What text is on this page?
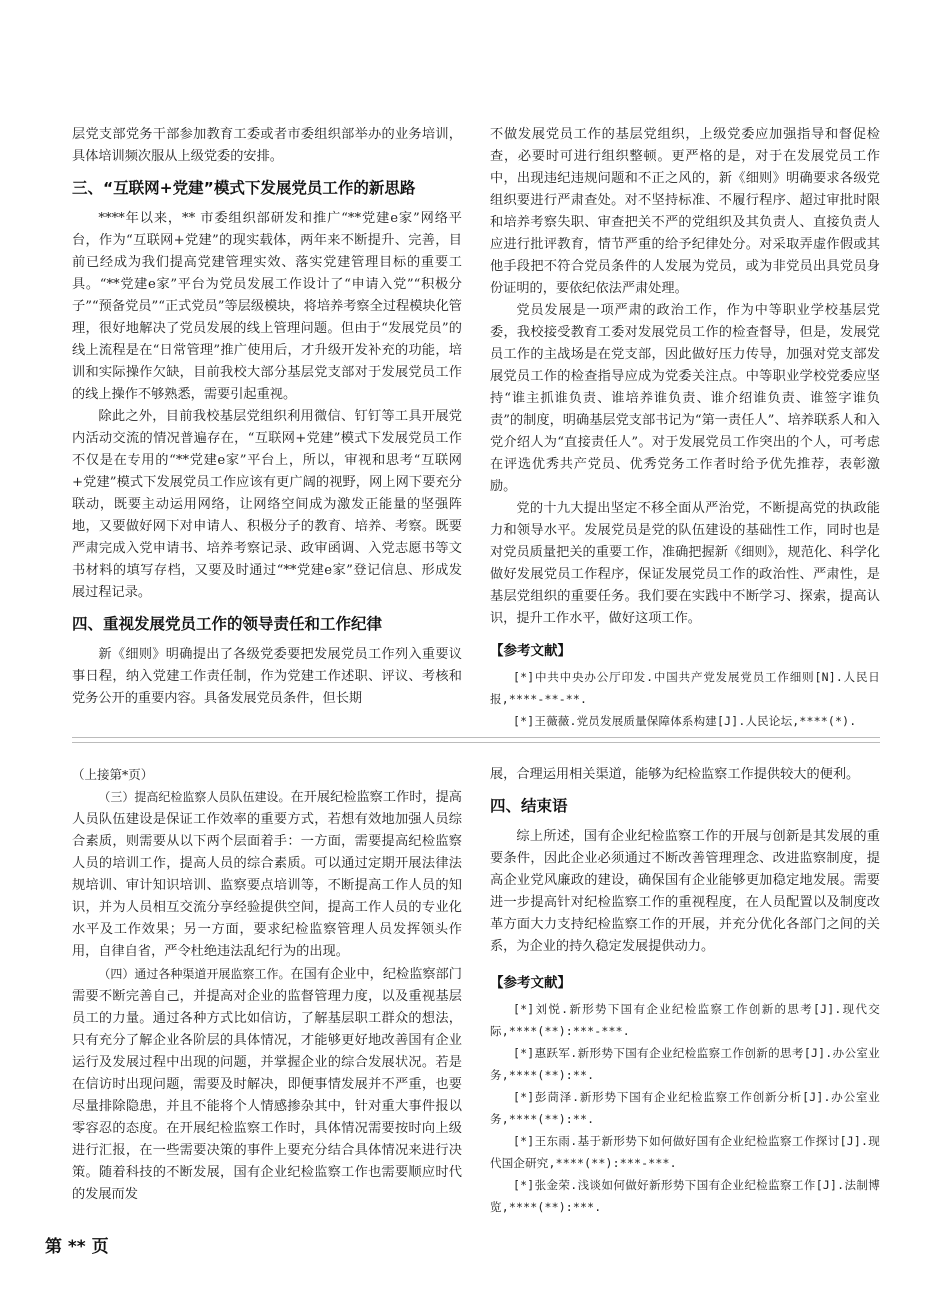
层党支部党务干部参加教育工委或者市委组织部举办的业务培训，具体培训频次服从上级党委的安排。

三、“互联网+党建”模式下发展党员工作的新思路

****年以来，** 市委组织部研发和推广“**党建e家”网络平台，作为“互联网+党建”的现实载体，两年来不断提升、完善，目前已经成为我们提高党建管理实效、落实党建管理目标的重要工具。“**党建e家”平台为党员发展工作设计了“申请入党”“积极分子”“预备党员”“正式党员”等层级模块，将培养考察全过程模块化管理，很好地解决了党员发展的线上管理问题。但由于“发展党员”的线上流程是在“日常管理”推广使用后，才升级开发补充的功能，培训和实际操作欠缺，目前我校大部分基层党支部对于发展党员工作的线上操作不够熟悉，需要引起重视。

除此之外，目前我校基层党组织利用微信、钉钉等工具开展党内活动交流的情况普遍存在，“互联网+党建”模式下发展党员工作不仅是在专用的“**党建e家”平台上，所以，审视和思考“互联网+党建”模式下发展党员工作应该有更广阔的视野，网上网下要充分联动，既要主动运用网络，让网络空间成为激发正能量的坚强阵地，又要做好网下对申请人、积极分子的教育、培养、考察。既要严肃完成入党申请书、培养考察记录、政审函调、入党志愿书等文书材料的填写存档，又要及时通过“**党建e家”登记信息、形成发展过程记录。

四、重视发展党员工作的领导责任和工作纪律

新《细则》明确提出了各级党委要把发展党员工作列入重要议事日程，纳入党建工作责任制，作为党建工作述职、评议、考核和党务公开的重要内容。具备发展党员条件，但长期

不做发展党员工作的基层党组织，上级党委应加强指导和督促检查，必要时可进行组织整顿。更严格的是，对于在发展党员工作中，出现违纪违规问题和不正之风的，新《细则》明确要求各级党组织要进行严肃查处。对不坚持标准、不履行程序、超过审批时限和培养考察失职、审查把关不严的党组织及其负责人、直接负责人应进行批评教育，情节严重的给予纪律处分。对采取弄虚作假或其他手段把不符合党员条件的人发展为党员，或为非党员出具党员身份证明的，要依纪依法严肃处理。

党员发展是一项严肃的政治工作，作为中等职业学校基层党委，我校接受教育工委对发展党员工作的检查督导，但是，发展党员工作的主战场是在党支部，因此做好压力传导，加强对党支部发展党员工作的检查指导应成为党委关注点。中等职业学校党委应坚持“谁主抓谁负责、谁培养谁负责、谁介绍谁负责、谁签字谁负责”的制度，明确基层党支部书记为“第一责任人”、培养联系人和入党介绍人为“直接责任人”。对于发展党员工作突出的个人，可考虑在评选优秀共产党员、优秀党务工作者时给予优先推荐，表彰激励。

党的十九大提出坚定不移全面从严治党，不断提高党的执政能力和领导水平。发展党员是党的队伍建设的基础性工作，同时也是对党员质量把关的重要工作，准确把握新《细则》，规范化、科学化做好发展党员工作程序，保证发展党员工作的政治性、严肃性，是基层党组织的重要任务。我们要在实践中不断学习、探索，提高认识，提升工作水平，做好这项工作。

【参考文献】

[*]中共中央办公厅印发.中国共产党发展党员工作细则[N].人民日报,****-**-**.

[*]王薇薇.党员发展质量保障体系构建[J].人民论坛,****(*).

（上接第*页）

（三）提高纪检监察人员队伍建设。在开展纪检监察工作时，提高人员队伍建设是保证工作效率的重要方式，若想有效地加强人员综合素质，则需要从以下两个层面着手：一方面，需要提高纪检监察人员的培训工作，提高人员的综合素质。可以通过定期开展法律法规培训、审计知识培训、监察要点培训等，不断提高工作人员的知识，并为人员相互交流分享经验提供空间，提高工作人员的专业化水平及工作效果；另一方面，要求纪检监察管理人员发挥领头作用，自律自省，严令杜绝违法乱纪行为的出现。

（四）通过各种渠道开展监察工作。在国有企业中，纪检监察部门需要不断完善自己，并提高对企业的监督管理力度，以及重视基层员工的力量。通过各种方式比如信访，了解基层职工群众的想法，只有充分了解企业各阶层的具体情况，才能够更好地改善国有企业运行及发展过程中出现的问题，并掌握企业的综合发展状况。若是在信访时出现问题，需要及时解决，即便事情发展并不严重，也要尽量排除隐患，并且不能将个人情感掺杂其中，针对重大事件报以零容忍的态度。在开展纪检监察工作时，具体情况需要按时向上级进行汇报，在一些需要决策的事件上要充分结合具体情况来进行决策。随着科技的不断发展，国有企业纪检监察工作也需要顺应时代的发展而发

展，合理运用相关渠道，能够为纪检监察工作提供较大的便利。

四、结束语

综上所述，国有企业纪检监察工作的开展与创新是其发展的重要条件，因此企业必须通过不断改善管理理念、改进监察制度，提高企业党风廉政的建设，确保国有企业能够更加稳定地发展。需要进一步提高针对纪检监察工作的重视程度，在人员配置以及制度改革方面大力支持纪检监察工作的开展，并充分优化各部门之间的关系，为企业的持久稳定发展提供动力。

【参考文献】

[*]刘悦.新形势下国有企业纪检监察工作创新的思考[J].现代交际,****(**):***-***.

[*]惠跃军.新形势下国有企业纪检监察工作创新的思考[J].办公室业务,****(**):**.

[*]彭茼泽.新形势下国有企业纪检监察工作创新分析[J].办公室业务,****(**):**.

[*]王东雨.基于新形势下如何做好国有企业纪检监察工作探讨[J].现代国企研究,****(**):***-***.

[*]张金荣.浅谈如何做好新形势下国有企业纪检监察工作[J].法制博览,****(**):***.

第 ** 页
